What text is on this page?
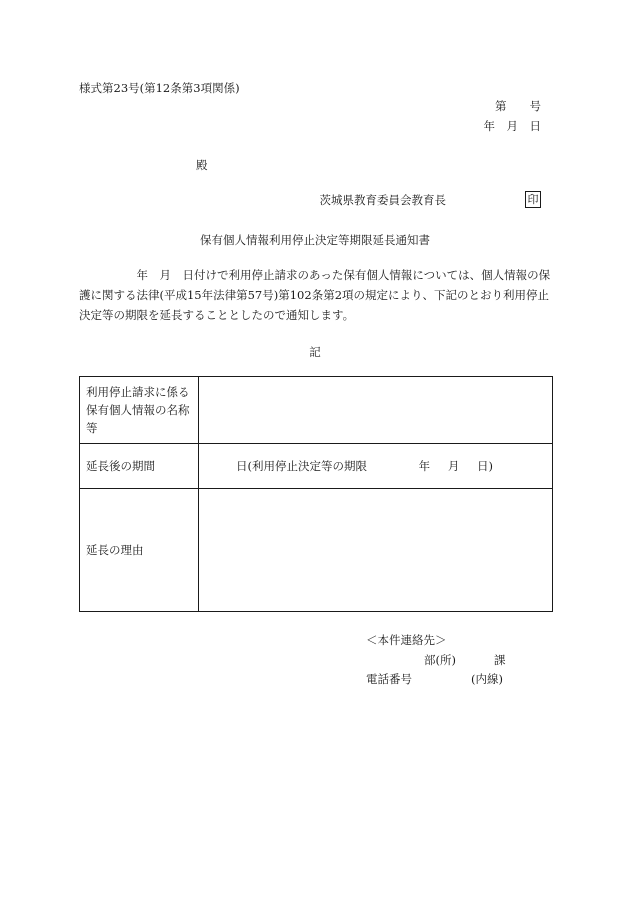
様式第23号(第12条第3項関係)
第　　号
年　月　日
殿
茨城県教育委員会教育長	印
保有個人情報利用停止決定等期限延長通知書
　　　　　年　月　日付けで利用停止請求のあった保有個人情報については、個人情報の保
護に関する法律(平成15年法律第57号)第102条第2項の規定により、下記のとおり利用停止
決定等の期限を延長することとしたので通知します。
記
利用停止請求に係る保有個人情報の名称等	
延長後の期間	日(利用停止決定等の期限 年 月 日)
延長の理由	
＜本件連絡先＞
部(所)	課
電話番号	(内線)
